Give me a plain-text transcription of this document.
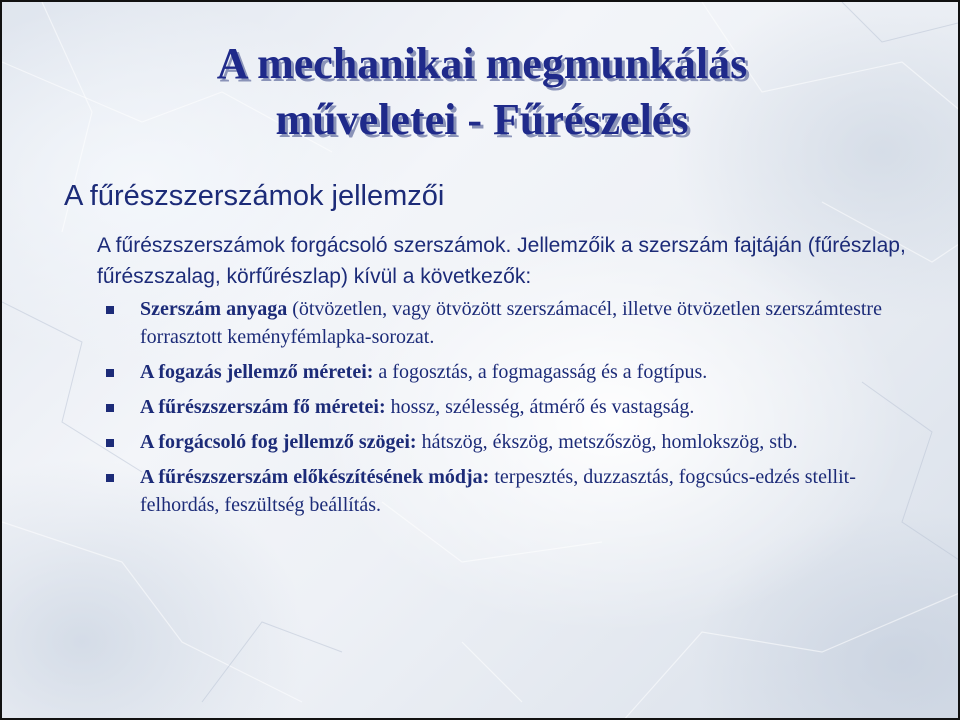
A mechanikai megmunkálás
műveletei - Fűrészelés
A fűrészszerszámok jellemzői

A fűrészszerszámok forgácsoló szerszámok. Jellemzőik a szerszám fajtáján (fűrészlap, fűrészszalag, körfűrészlap) kívül a következők:

Szerszám anyaga (ötvözetlen, vagy ötvözött szerszámacél, illetve ötvözetlen szerszámtestre forrasztott keményfémlapka-sorozat.
A fogazás jellemző méretei: a fogosztás, a fogmagasság és a fogtípus.
A fűrészszerszám fő méretei: hossz, szélesség, átmérő és vastagság.
A forgácsoló fog jellemző szögei: hátszög, ékszög, metszőszög, homlokszög, stb.
A fűrészszerszám előkészítésének módja: terpesztés, duzzasztás, fogcsúcs-edzés stellit-felhordás, feszültség beállítás.
